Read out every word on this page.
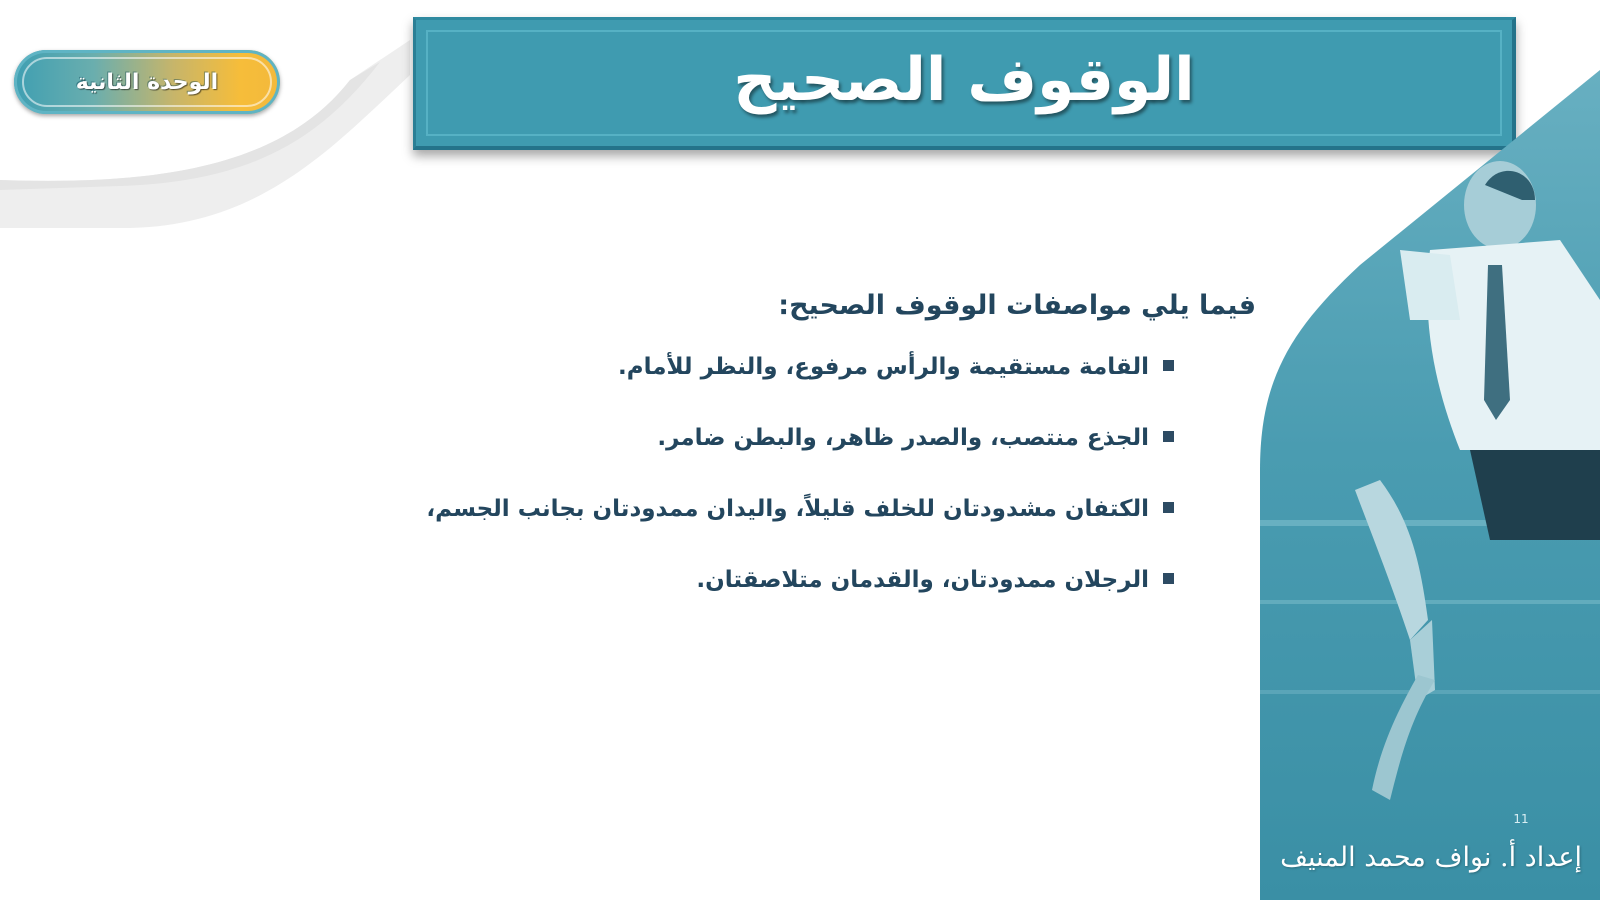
الوحدة الثانية	الوقوف الصحيح
فيما يلي مواصفات الوقوف الصحيح:
القامة مستقيمة والرأس مرفوع، والنظر للأمام.
الجذع منتصب، والصدر ظاهر، والبطن ضامر.
الكتفان مشدودتان للخلف قليلاً، واليدان ممدودتان بجانب الجسم،
الرجلان ممدودتان، والقدمان متلاصقتان.
11
إعداد أ. نواف محمد المنيف
